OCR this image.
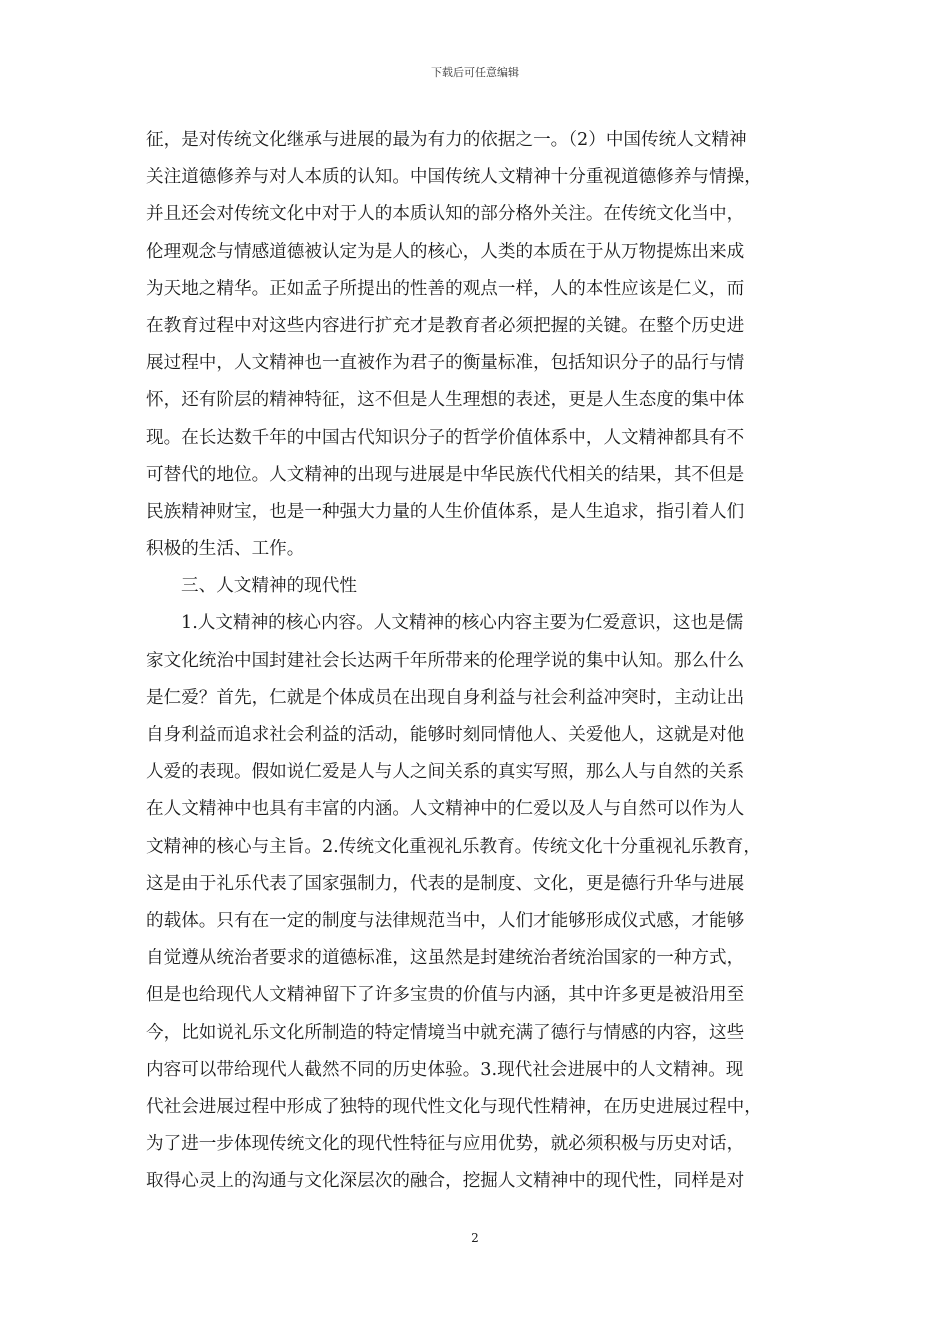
下载后可任意编辑
征，是对传统文化继承与进展的最为有力的依据之一。（2）中国传统人文精神
关注道德修养与对人本质的认知。中国传统人文精神十分重视道德修养与情操，
并且还会对传统文化中对于人的本质认知的部分格外关注。在传统文化当中，
伦理观念与情感道德被认定为是人的核心，人类的本质在于从万物提炼出来成
为天地之精华。正如孟子所提出的性善的观点一样，人的本性应该是仁义，而
在教育过程中对这些内容进行扩充才是教育者必须把握的关键。在整个历史进
展过程中，人文精神也一直被作为君子的衡量标准，包括知识分子的品行与情
怀，还有阶层的精神特征，这不但是人生理想的表述，更是人生态度的集中体
现。在长达数千年的中国古代知识分子的哲学价值体系中，人文精神都具有不
可替代的地位。人文精神的出现与进展是中华民族代代相关的结果，其不但是
民族精神财宝，也是一种强大力量的人生价值体系，是人生追求，指引着人们
积极的生活、工作。
三、人文精神的现代性
1.人文精神的核心内容。人文精神的核心内容主要为仁爱意识，这也是儒
家文化统治中国封建社会长达两千年所带来的伦理学说的集中认知。那么什么
是仁爱？首先，仁就是个体成员在出现自身利益与社会利益冲突时，主动让出
自身利益而追求社会利益的活动，能够时刻同情他人、关爱他人，这就是对他
人爱的表现。假如说仁爱是人与人之间关系的真实写照，那么人与自然的关系
在人文精神中也具有丰富的内涵。人文精神中的仁爱以及人与自然可以作为人
文精神的核心与主旨。2.传统文化重视礼乐教育。传统文化十分重视礼乐教育，
这是由于礼乐代表了国家强制力，代表的是制度、文化，更是德行升华与进展
的载体。只有在一定的制度与法律规范当中，人们才能够形成仪式感，才能够
自觉遵从统治者要求的道德标准，这虽然是封建统治者统治国家的一种方式，
但是也给现代人文精神留下了许多宝贵的价值与内涵，其中许多更是被沿用至
今，比如说礼乐文化所制造的特定情境当中就充满了德行与情感的内容，这些
内容可以带给现代人截然不同的历史体验。3.现代社会进展中的人文精神。现
代社会进展过程中形成了独特的现代性文化与现代性精神，在历史进展过程中，
为了进一步体现传统文化的现代性特征与应用优势，就必须积极与历史对话，
取得心灵上的沟通与文化深层次的融合，挖掘人文精神中的现代性，同样是对
2
